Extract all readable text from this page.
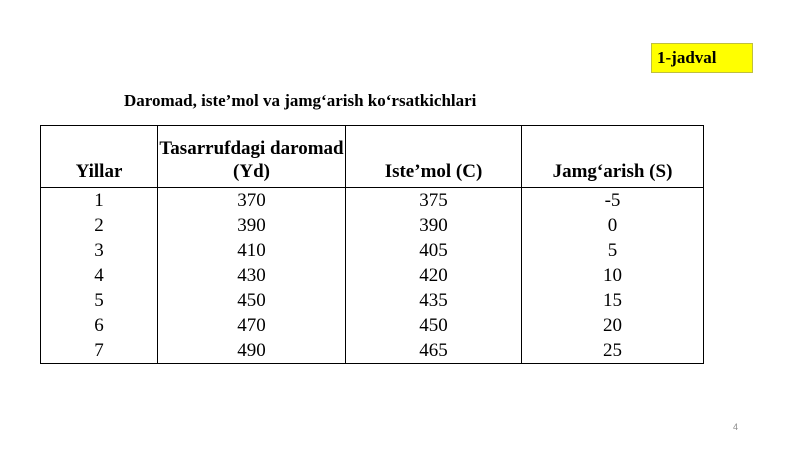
1-jadval
Daromad, iste’mol va jamg‘arish ko‘rsatkichlari
Yillar	Tasarrufdagi daromad (Yd)	Iste’mol (C)	Jamg‘arish (S)
1	370	375	-5
2	390	390	0
3	410	405	5
4	430	420	10
5	450	435	15
6	470	450	20
7	490	465	25
4
